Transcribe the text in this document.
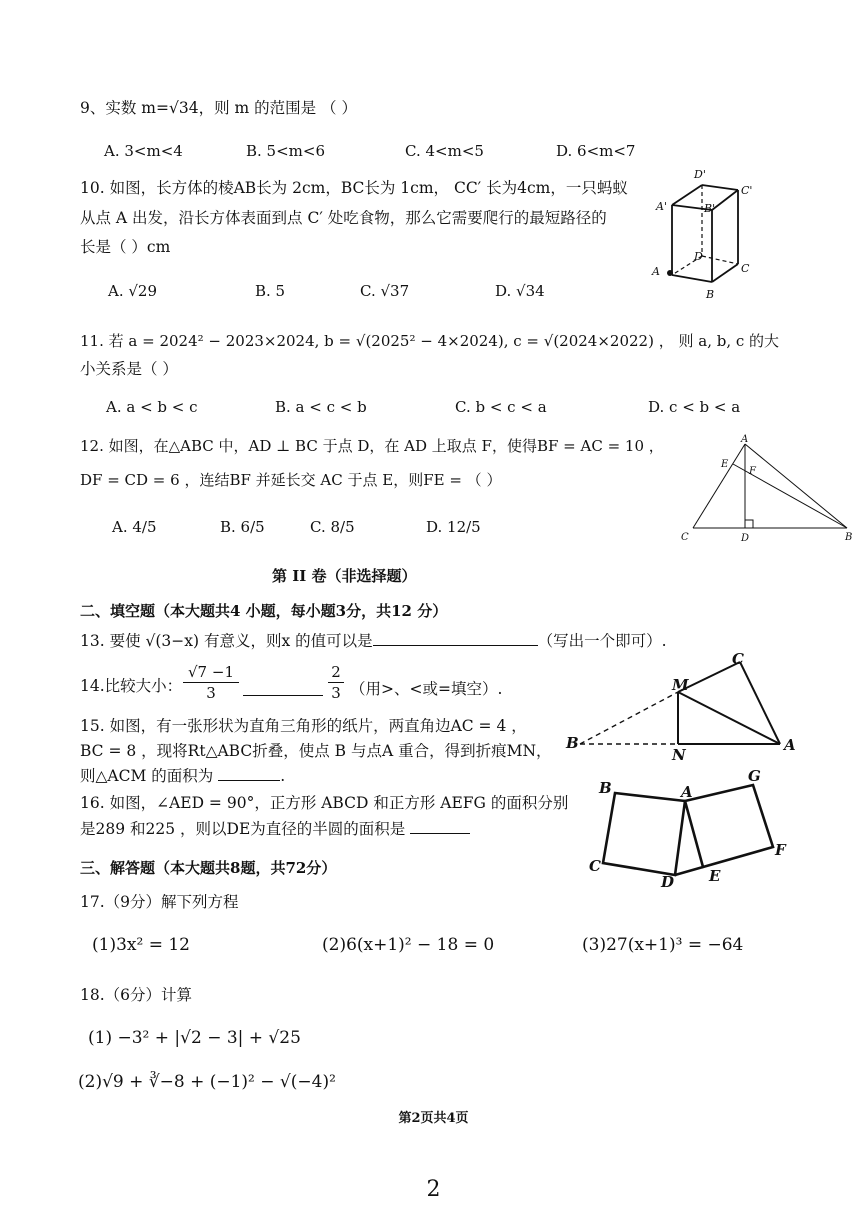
9、实数 m=√34，则 m 的范围是 （ ）
A. 3<m<4	B. 5<m<6	C. 4<m<5	D. 6<m<7
10. 如图，长方体的棱AB长为 2cm，BC长为 1cm， CC′ 长为4cm，一只蚂蚁
从点 A 出发，沿长方体表面到点 C′ 处吃食物，那么它需要爬行的最短路径的
长是（ ）cm
A. √29	B. 5	C. √37	D. √34
D'
C'
A'	B'
D
C
A
B
11. 若 a = 2024² − 2023×2024, b = √(2025² − 4×2024), c = √(2024×2022) ， 则 a, b, c 的大
小关系是（ ）
A. a < b < c	B. a < c < b	C. b < c < a	D. c < b < a
12. 如图，在△ABC 中，AD ⊥ BC 于点 D，在 AD 上取点 F，使得BF = AC = 10 ，
DF = CD = 6 ，连结BF 并延长交 AC 于点 E，则FE = （ ）
A. 4/5	B. 6/5	C. 8/5	D. 12/5
A
E
F
C	D	B
第 II 卷（非选择题）
二、填空题（本大题共4 小题，每小题3分，共12 分）
13. 要使 √(3−x) 有意义，则x 的值可以是	（写出一个即可）.
14.比较大小： $\frac{√7 -1}{3}$	$\frac{2}{3}$ （用>、<或=填空）.
15. 如图，有一张形状为直角三角形的纸片，两直角边AC = 4 ，
BC = 8 ，现将Rt△ABC折叠，使点 B 与点A 重合，得到折痕MN，
则△ACM 的面积为	.
C
M
B
N
A
16. 如图，∠AED = 90°，正方形 ABCD 和正方形 AEFG 的面积分别
是289 和225 ，则以DE为直径的半圆的面积是
B	A
G
C
D E
F
三、解答题（本大题共8题，共72分）
17.（9分）解下列方程
(1)3x² = 12	(2)6(x+1)² − 18 = 0	(3)27(x+1)³ = −64
18.（6分）计算
(1) −3² + |√2 − 3| + √25
(2)√9 + ∛−8 + (−1)² − √(−4)²
第2页共4页
2
